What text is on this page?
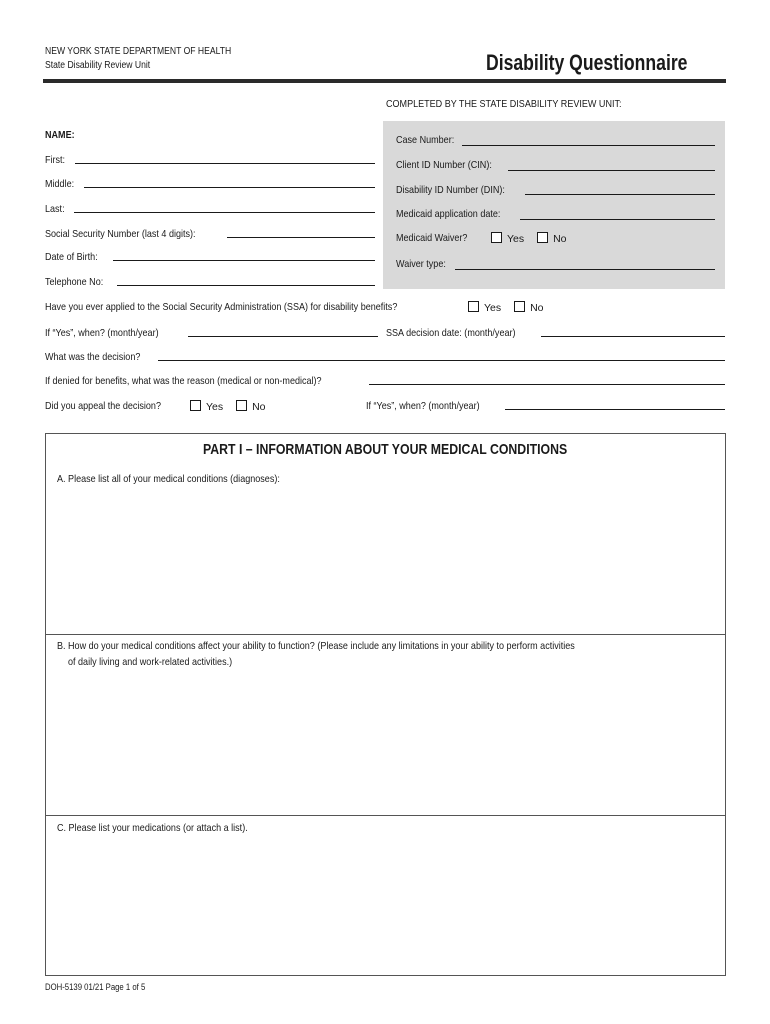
NEW YORK STATE DEPARTMENT OF HEALTH
State Disability Review Unit	Disability Questionnaire
COMPLETED BY THE STATE DISABILITY REVIEW UNIT:
Case Number:
Client ID Number (CIN):
Disability ID Number (DIN):
Medicaid application date:
Medicaid Waiver?	Yes	No
Waiver type:
NAME:
First:
Middle:
Last:
Social Security Number (last 4 digits):
Date of Birth:
Telephone No:
Have you ever applied to the Social Security Administration (SSA) for disability benefits?	Yes	No
If “Yes”, when? (month/year)	SSA decision date: (month/year)
What was the decision?
If denied for benefits, what was the reason (medical or non-medical)?
Did you appeal the decision?	Yes	No	If “Yes”, when? (month/year)
PART I – INFORMATION ABOUT YOUR MEDICAL CONDITIONS
A. Please list all of your medical conditions (diagnoses):
B. How do your medical conditions affect your ability to function? (Please include any limitations in your ability to perform activities
of daily living and work-related activities.)
C. Please list your medications (or attach a list).
DOH-5139 01/21 Page 1 of 5
